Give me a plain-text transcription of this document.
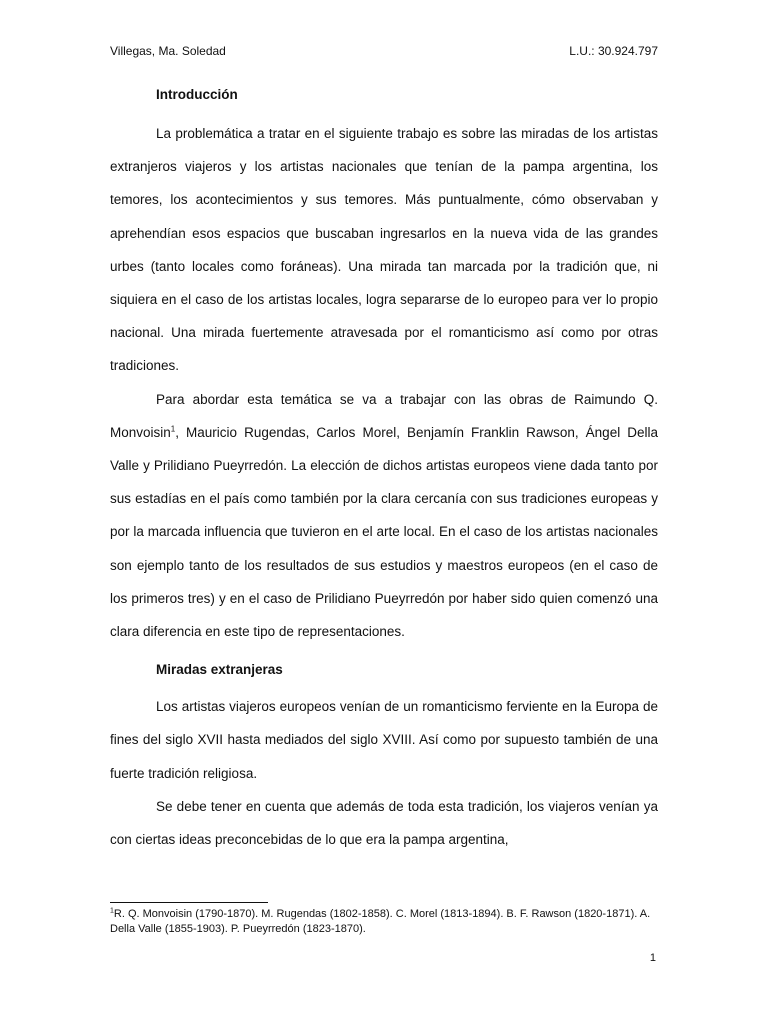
Villegas, Ma. Soledad	L.U.: 30.924.797
Introducción

La problemática a tratar en el siguiente trabajo es sobre las miradas de los artistas extranjeros viajeros y los artistas nacionales que tenían de la pampa argentina, los temores, los acontecimientos y sus temores. Más puntualmente, cómo observaban y aprehendían esos espacios que buscaban ingresarlos en la nueva vida de las grandes urbes (tanto locales como foráneas). Una mirada tan marcada por la tradición que, ni siquiera en el caso de los artistas locales, logra separarse de lo europeo para ver lo propio nacional. Una mirada fuertemente atravesada por el romanticismo así como por otras tradiciones.

Para abordar esta temática se va a trabajar con las obras de Raimundo Q. Monvoisin$^1$, Mauricio Rugendas, Carlos Morel, Benjamín Franklin Rawson, Ángel Della Valle y Prilidiano Pueyrredón. La elección de dichos artistas europeos viene dada tanto por sus estadías en el país como también por la clara cercanía con sus tradiciones europeas y por la marcada influencia que tuvieron en el arte local. En el caso de los artistas nacionales son ejemplo tanto de los resultados de sus estudios y maestros europeos (en el caso de los primeros tres) y en el caso de Prilidiano Pueyrredón por haber sido quien comenzó una clara diferencia en este tipo de representaciones.

Miradas extranjeras

Los artistas viajeros europeos venían de un romanticismo ferviente en la Europa de fines del siglo XVII hasta mediados del siglo XVIII. Así como por supuesto también de una fuerte tradición religiosa.

Se debe tener en cuenta que además de toda esta tradición, los viajeros venían ya con ciertas ideas preconcebidas de lo que era la pampa argentina,

$^1$R. Q. Monvoisin (1790-1870). M. Rugendas (1802-1858). C. Morel (1813-1894). B. F. Rawson (1820-1871). A. Della Valle (1855-1903). P. Pueyrredón (1823-1870).
1
